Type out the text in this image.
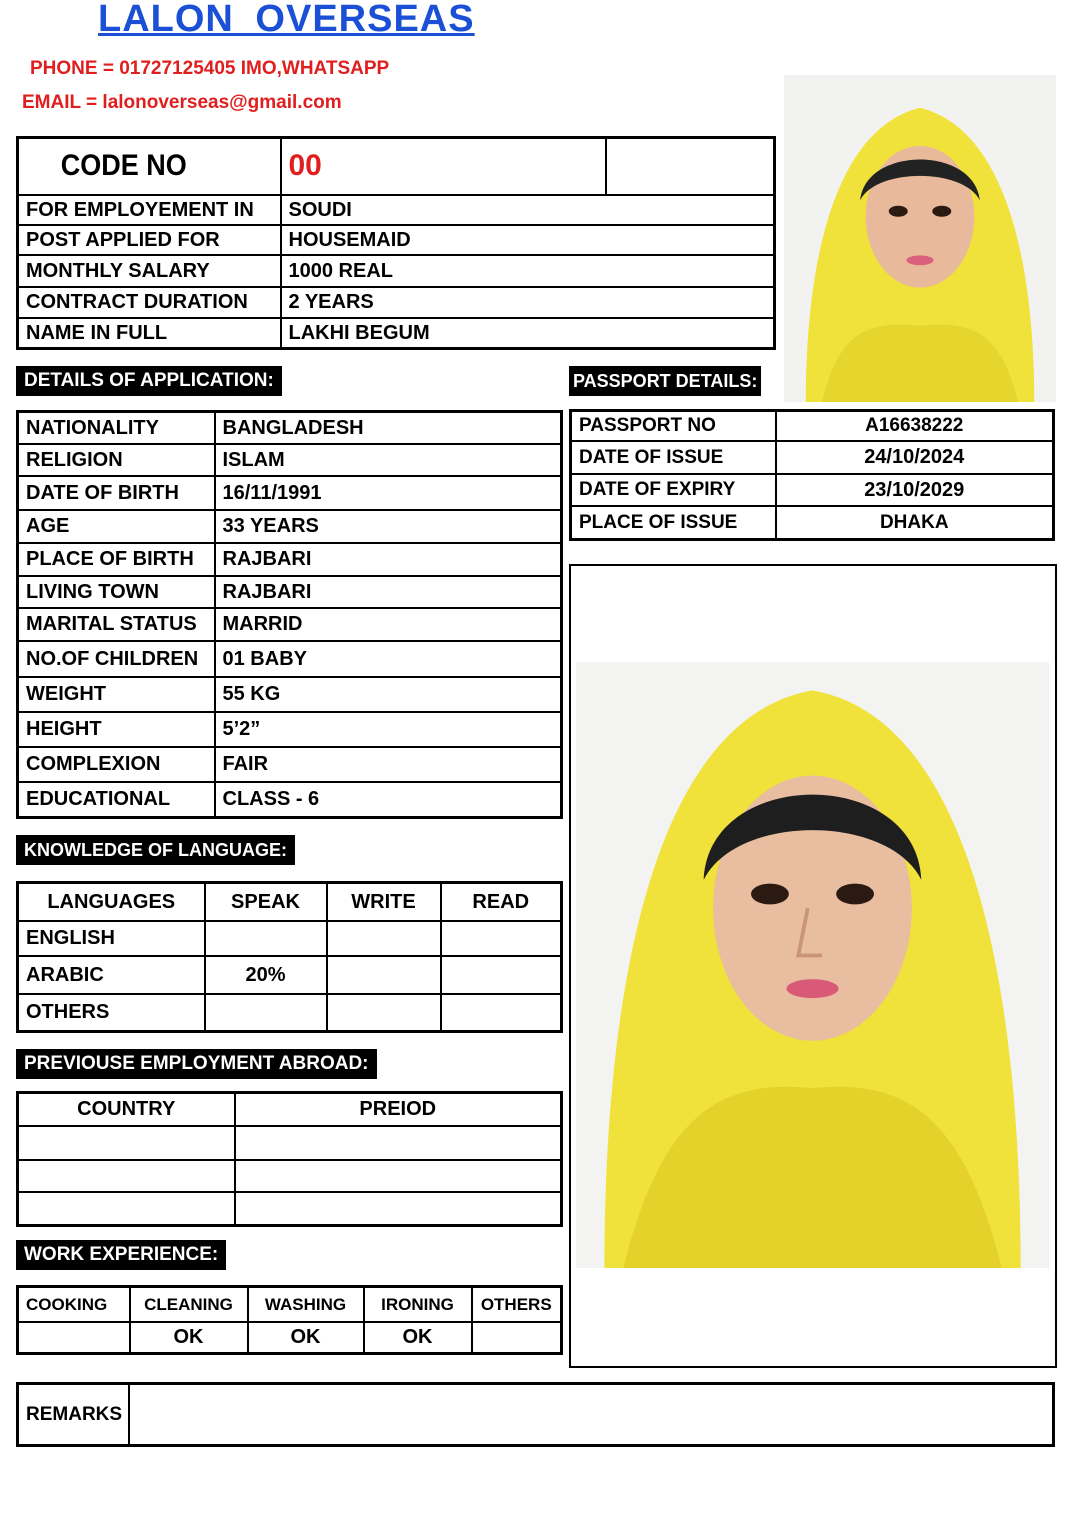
LALON OVERSEAS
PHONE = 01727125405 IMO,WHATSAPP
EMAIL = lalonoverseas@gmail.com
CODE NO	00	
FOR EMPLOYEMENT IN	SOUDI	
POST APPLIED FOR	HOUSEMAID	
MONTHLY SALARY	1000 REAL	
CONTRACT DURATION	2 YEARS	
NAME IN FULL	LAKHI BEGUM	
DETAILS OF APPLICATION:
NATIONALITY	BANGLADESH
RELIGION	ISLAM
DATE OF BIRTH	16/11/1991
AGE	33 YEARS
PLACE OF BIRTH	RAJBARI
LIVING TOWN	RAJBARI
MARITAL STATUS	MARRID
NO.OF CHILDREN	01 BABY
WEIGHT	55 KG
HEIGHT	5’2”
COMPLEXION	FAIR
EDUCATIONAL	CLASS - 6
PASSPORT DETAILS:
PASSPORT NO	A16638222
DATE OF ISSUE	24/10/2024
DATE OF EXPIRY	23/10/2029
PLACE OF ISSUE	DHAKA
KNOWLEDGE OF LANGUAGE:
LANGUAGES	SPEAK	WRITE	READ
ENGLISH			
ARABIC	20%		
OTHERS			
PREVIOUSE EMPLOYMENT ABROAD:
COUNTRY	PREIOD

WORK EXPERIENCE:
COOKING	CLEANING	WASHING	IRONING	OTHERS
	OK	OK	OK	
REMARKS	
